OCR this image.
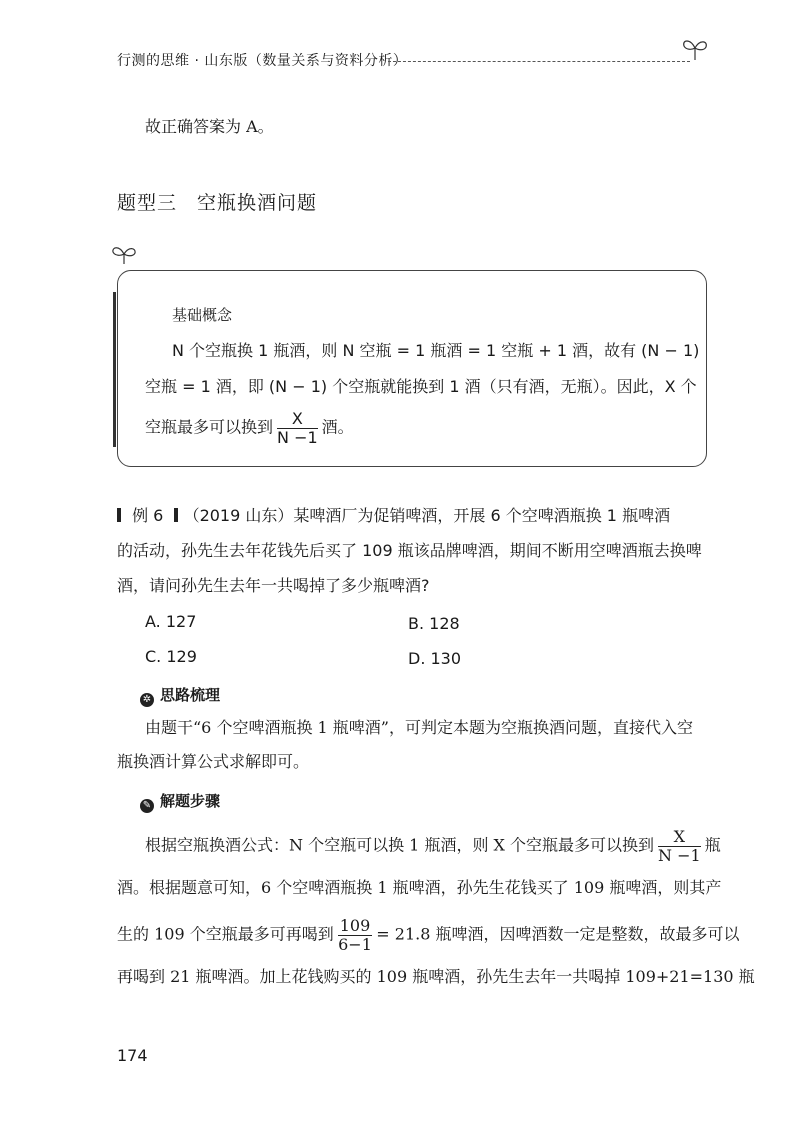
行测的思维 · 山东版（数量关系与资料分析）
故正确答案为 A。
题型三　空瓶换酒问题
基础概念
N 个空瓶换 1 瓶酒，则 N 空瓶 = 1 瓶酒 = 1 空瓶 + 1 酒，故有 (N − 1)
空瓶 = 1 酒，即 (N − 1) 个空瓶就能换到 1 酒（只有酒，无瓶）。因此，X 个
空瓶最多可以换到 $\frac{X}{N -1}$ 酒。
例 6 （2019 山东）某啤酒厂为促销啤酒，开展 6 个空啤酒瓶换 1 瓶啤酒
的活动，孙先生去年花钱先后买了 109 瓶该品牌啤酒，期间不断用空啤酒瓶去换啤
酒，请问孙先生去年一共喝掉了多少瓶啤酒?
A. 127	B. 128
C. 129	D. 130
✲ 思路梳理
由题干“6 个空啤酒瓶换 1 瓶啤酒”，可判定本题为空瓶换酒问题，直接代入空
瓶换酒计算公式求解即可。
✎ 解题步骤
根据空瓶换酒公式：N 个空瓶可以换 1 瓶酒，则 X 个空瓶最多可以换到 $\frac{X}{N -1}$ 瓶
酒。根据题意可知，6 个空啤酒瓶换 1 瓶啤酒，孙先生花钱买了 109 瓶啤酒，则其产
生的 109 个空瓶最多可再喝到 $\frac{109}{6-1} = 21.8$ 瓶啤酒，因啤酒数一定是整数，故最多可以
再喝到 21 瓶啤酒。加上花钱购买的 109 瓶啤酒，孙先生去年一共喝掉 109+21=130 瓶
174
